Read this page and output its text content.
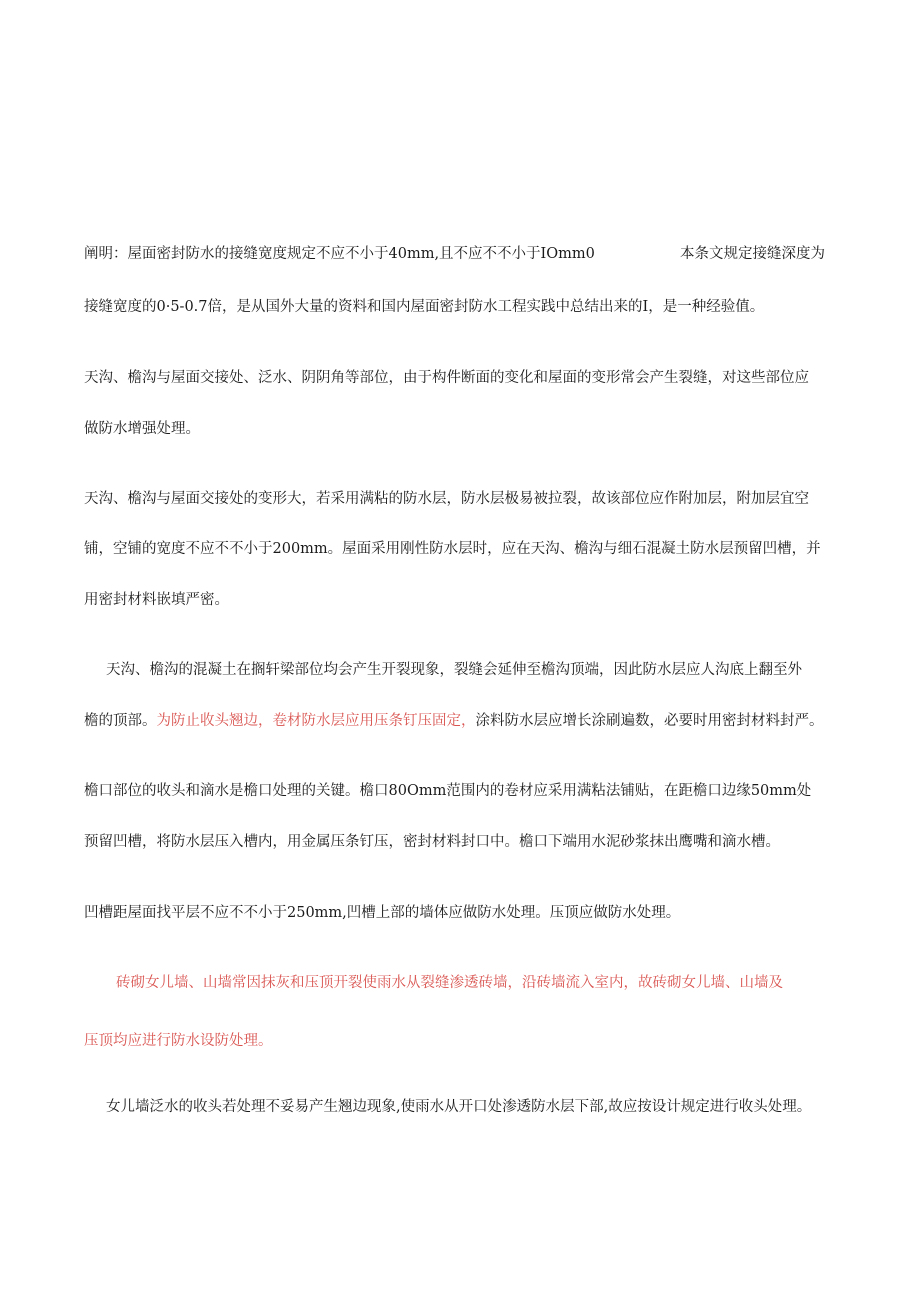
阐明：屋面密封防水的接缝宽度规定不应不小于40mm,且不应不不小于IOmm0	本条文规定接缝深度为
接缝宽度的0·5-0.7倍，是从国外大量的资料和国内屋面密封防水工程实践中总结出来的I，是一种经验值。
天沟、檐沟与屋面交接处、泛水、阴阴角等部位，由于构件断面的变化和屋面的变形常会产生裂缝，对这些部位应
做防水增强处理。
天沟、檐沟与屋面交接处的变形大，若采用满粘的防水层，防水层极易被拉裂，故该部位应作附加层，附加层宜空
铺，空铺的宽度不应不不小于200mm。屋面采用刚性防水层时，应在天沟、檐沟与细石混凝土防水层预留凹槽，并
用密封材料嵌填严密。
天沟、檐沟的混凝土在搁轩梁部位均会产生开裂现象，裂缝会延伸至檐沟顶端，因此防水层应人沟底上翻至外
檐的顶部。为防止收头翘边，卷材防水层应用压条钉压固定，涂料防水层应增长涂刷遍数，必要时用密封材料封严。
檐口部位的收头和滴水是檐口处理的关键。檐口80Omm范围内的卷材应采用满粘法铺贴，在距檐口边缘50mm处
预留凹槽，将防水层压入槽内，用金属压条钉压，密封材料封口中。檐口下端用水泥砂浆抹出鹰嘴和滴水槽。
凹槽距屋面找平层不应不不小于250mm,凹槽上部的墙体应做防水处理。压顶应做防水处理。
砖砌女儿墙、山墙常因抹灰和压顶开裂使雨水从裂缝渗透砖墙，沿砖墙流入室内，故砖砌女儿墙、山墙及
压顶均应进行防水设防处理。
女儿墙泛水的收头若处理不妥易产生翘边现象,使雨水从开口处渗透防水层下部,故应按设计规定进行收头处理。
